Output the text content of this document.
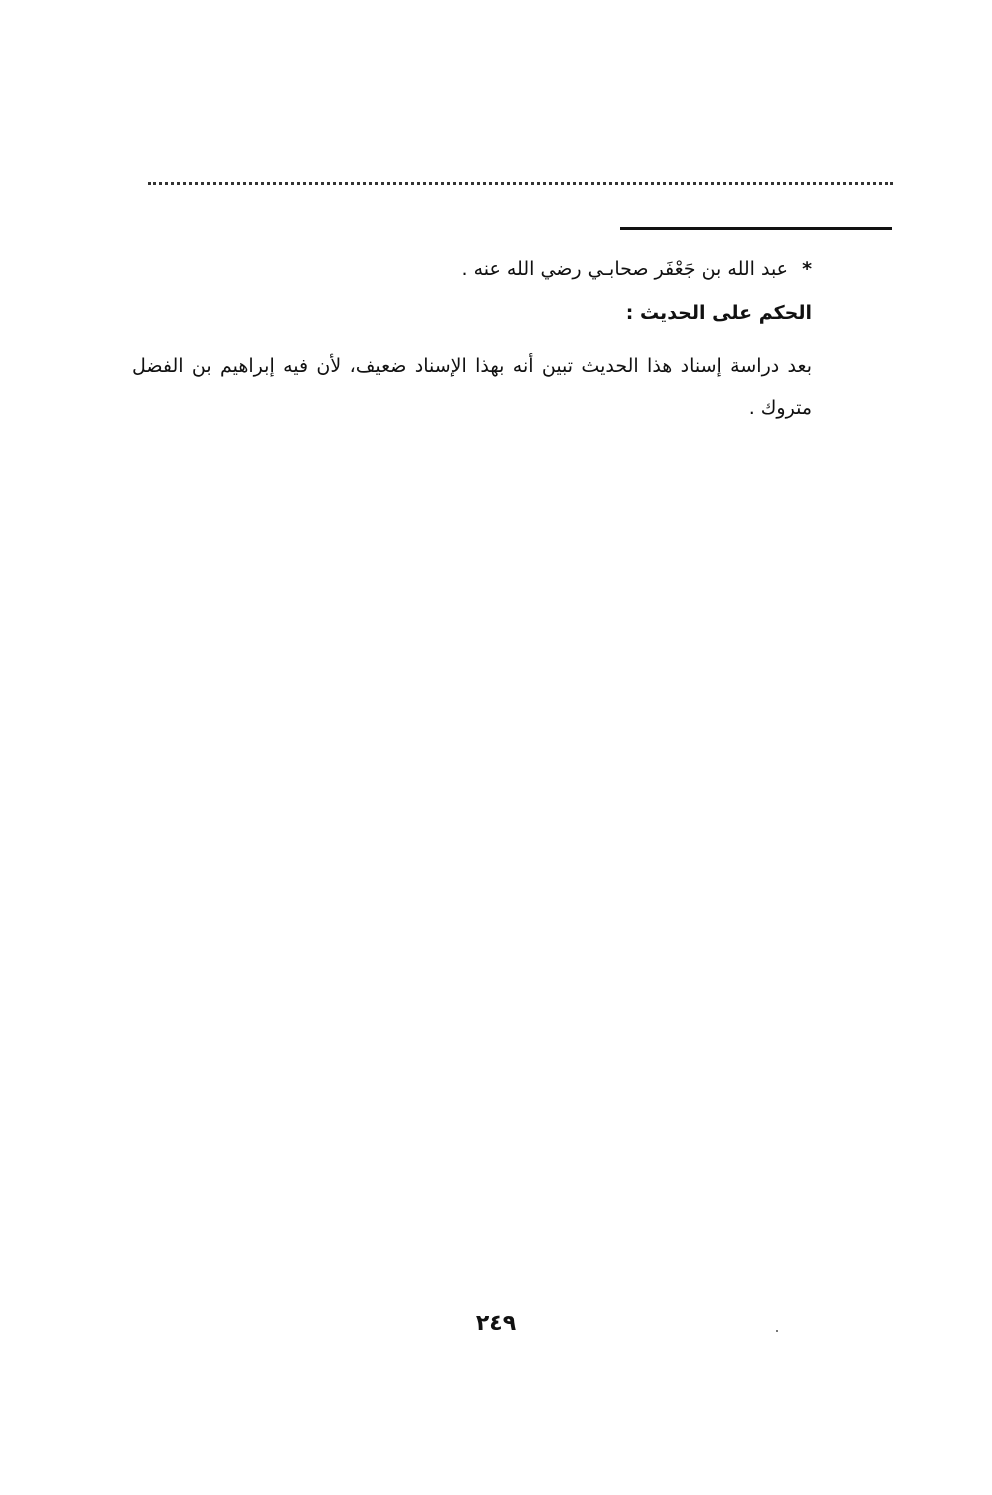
* عبد الله بن جَعْفَر صحابـي رضي الله عنه .
الحكم على الحديث :
بعد دراسة إسناد هذا الحديث تبين أنه بهذا الإسناد ضعيف، لأن فيه إبراهيم بن الفضل متروك .
٢٤٩
